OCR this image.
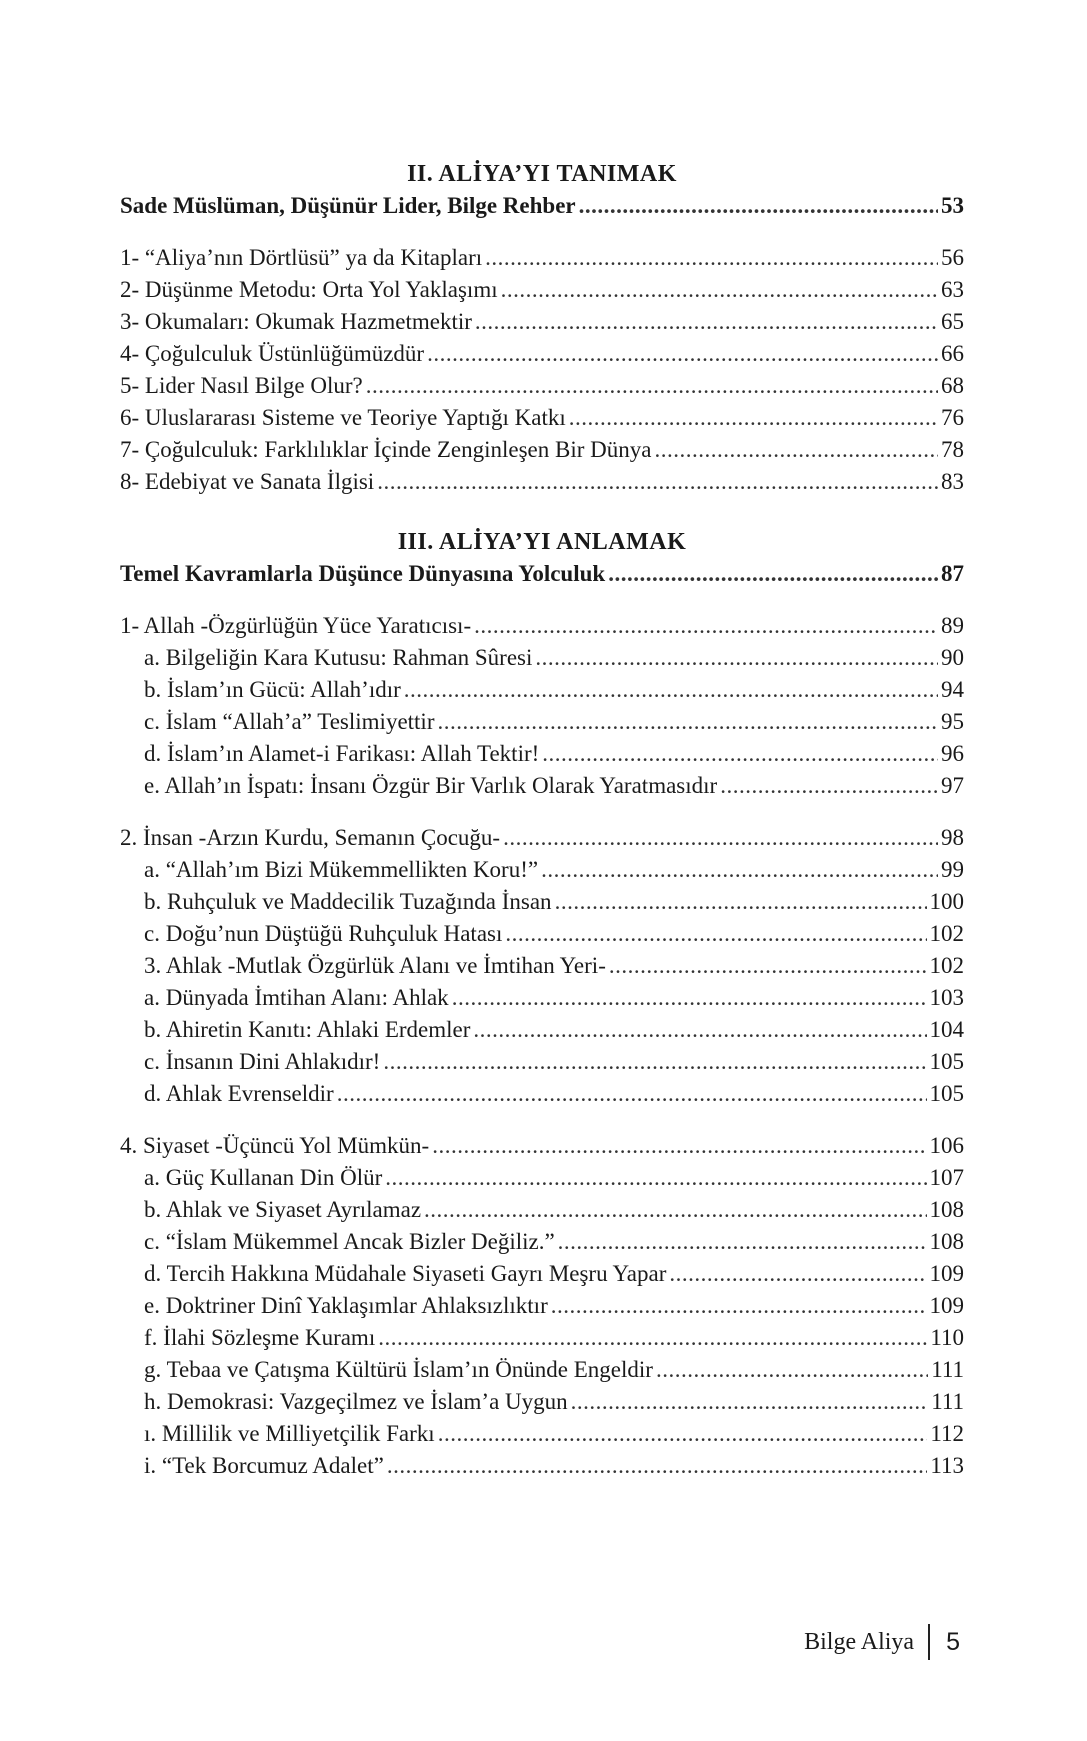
II. ALİYA’YI TANIMAK
Sade Müslüman, Düşünür Lider, Bilge Rehber .....	53
1- “Aliya’nın Dörtlüsü” ya da Kitapları .....	56
2- Düşünme Metodu: Orta Yol Yaklaşımı .....	63
3- Okumaları: Okumak Hazmetmektir .....	65
4- Çoğulculuk Üstünlüğümüzdür .....	66
5- Lider Nasıl Bilge Olur? .....	68
6- Uluslararası Sisteme ve Teoriye Yaptığı Katkı .....	76
7- Çoğulculuk: Farklılıklar İçinde Zenginleşen Bir Dünya .....	78
8- Edebiyat ve Sanata İlgisi .....	83
III. ALİYA’YI ANLAMAK
Temel Kavramlarla Düşünce Dünyasına Yolculuk .....	87
1- Allah -Özgürlüğün Yüce Yaratıcısı- .....	89
a. Bilgeliğin Kara Kutusu: Rahman Sûresi .....	90
b. İslam’ın Gücü: Allah’ıdır .....	94
c. İslam “Allah’a” Teslimiyettir .....	95
d. İslam’ın Alamet-i Farikası: Allah Tektir! .....	96
e. Allah’ın İspatı: İnsanı Özgür Bir Varlık Olarak Yaratmasıdır .....	97
2. İnsan -Arzın Kurdu, Semanın Çocuğu- .....	98
a. “Allah’ım Bizi Mükemmellikten Koru!” .....	99
b. Ruhçuluk ve Maddecilik Tuzağında İnsan .....	100
c. Doğu’nun Düştüğü Ruhçuluk Hatası .....	102
3. Ahlak -Mutlak Özgürlük Alanı ve İmtihan Yeri- .....	102
a. Dünyada İmtihan Alanı: Ahlak .....	103
b. Ahiretin Kanıtı: Ahlaki Erdemler .....	104
c. İnsanın Dini Ahlakıdır! .....	105
d. Ahlak Evrenseldir .....	105
4. Siyaset -Üçüncü Yol Mümkün- .....	106
a. Güç Kullanan Din Ölür .....	107
b. Ahlak ve Siyaset Ayrılamaz .....	108
c. “İslam Mükemmel Ancak Bizler Değiliz.” .....	108
d. Tercih Hakkına Müdahale Siyaseti Gayrı Meşru Yapar .....	109
e. Doktriner Dinî Yaklaşımlar Ahlaksızlıktır .....	109
f. İlahi Sözleşme Kuramı .....	110
g. Tebaa ve Çatışma Kültürü İslam’ın Önünde Engeldir .....	111
h. Demokrasi: Vazgeçilmez ve İslam’a Uygun .....	111
ı. Millilik ve Milliyetçilik Farkı .....	112
i. “Tek Borcumuz Adalet” .....	113
Bilge Aliya 5
